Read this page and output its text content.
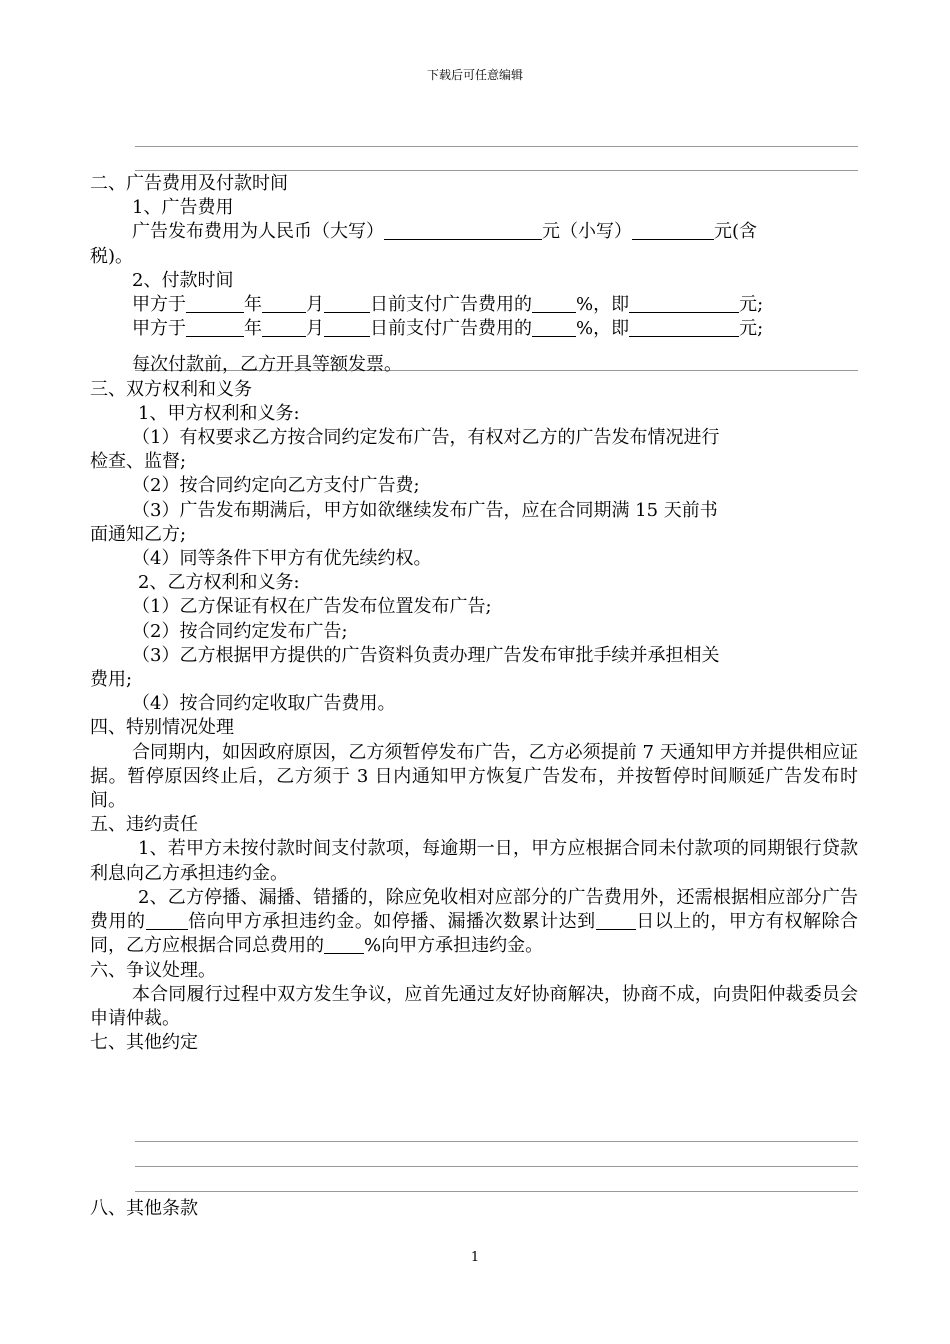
下载后可任意编辑

二、广告费用及付款时间

1、广告费用

广告发布费用为人民币（大写）	元（小写）	元(含

税)。

2、付款时间

甲方于	年 月	日前支付广告费用的 %，即	元;

甲方于	年 月	日前支付广告费用的 %，即	元;

每次付款前，乙方开具等额发票。

三、双方权利和义务

1、甲方权利和义务:

（1）有权要求乙方按合同约定发布广告，有权对乙方的广告发布情况进行

检查、监督;

（2）按合同约定向乙方支付广告费;

（3）广告发布期满后，甲方如欲继续发布广告，应在合同期满 15 天前书

面通知乙方;

（4）同等条件下甲方有优先续约权。

2、乙方权利和义务:

（1）乙方保证有权在广告发布位置发布广告;

（2）按合同约定发布广告;

（3）乙方根据甲方提供的广告资料负责办理广告发布审批手续并承担相关

费用;

（4）按合同约定收取广告费用。

四、特别情况处理

合同期内，如因政府原因，乙方须暂停发布广告，乙方必须提前 7 天通知甲方并提供相应证据。暂停原因终止后，乙方须于 3 日内通知甲方恢复广告发布，并按暂停时间顺延广告发布时间。

五、违约责任

1、若甲方未按付款时间支付款项，每逾期一日，甲方应根据合同未付款项的同期银行贷款利息向乙方承担违约金。

2、乙方停播、漏播、错播的，除应免收相对应部分的广告费用外，还需根据相应部分广告费用的 倍向甲方承担违约金。如停播、漏播次数累计达到 日以上的，甲方有权解除合同，乙方应根据合同总费用的 %向甲方承担违约金。

六、争议处理。

本合同履行过程中双方发生争议，应首先通过友好协商解决，协商不成，向贵阳仲裁委员会申请仲裁。

七、其他约定

八、其他条款
1
